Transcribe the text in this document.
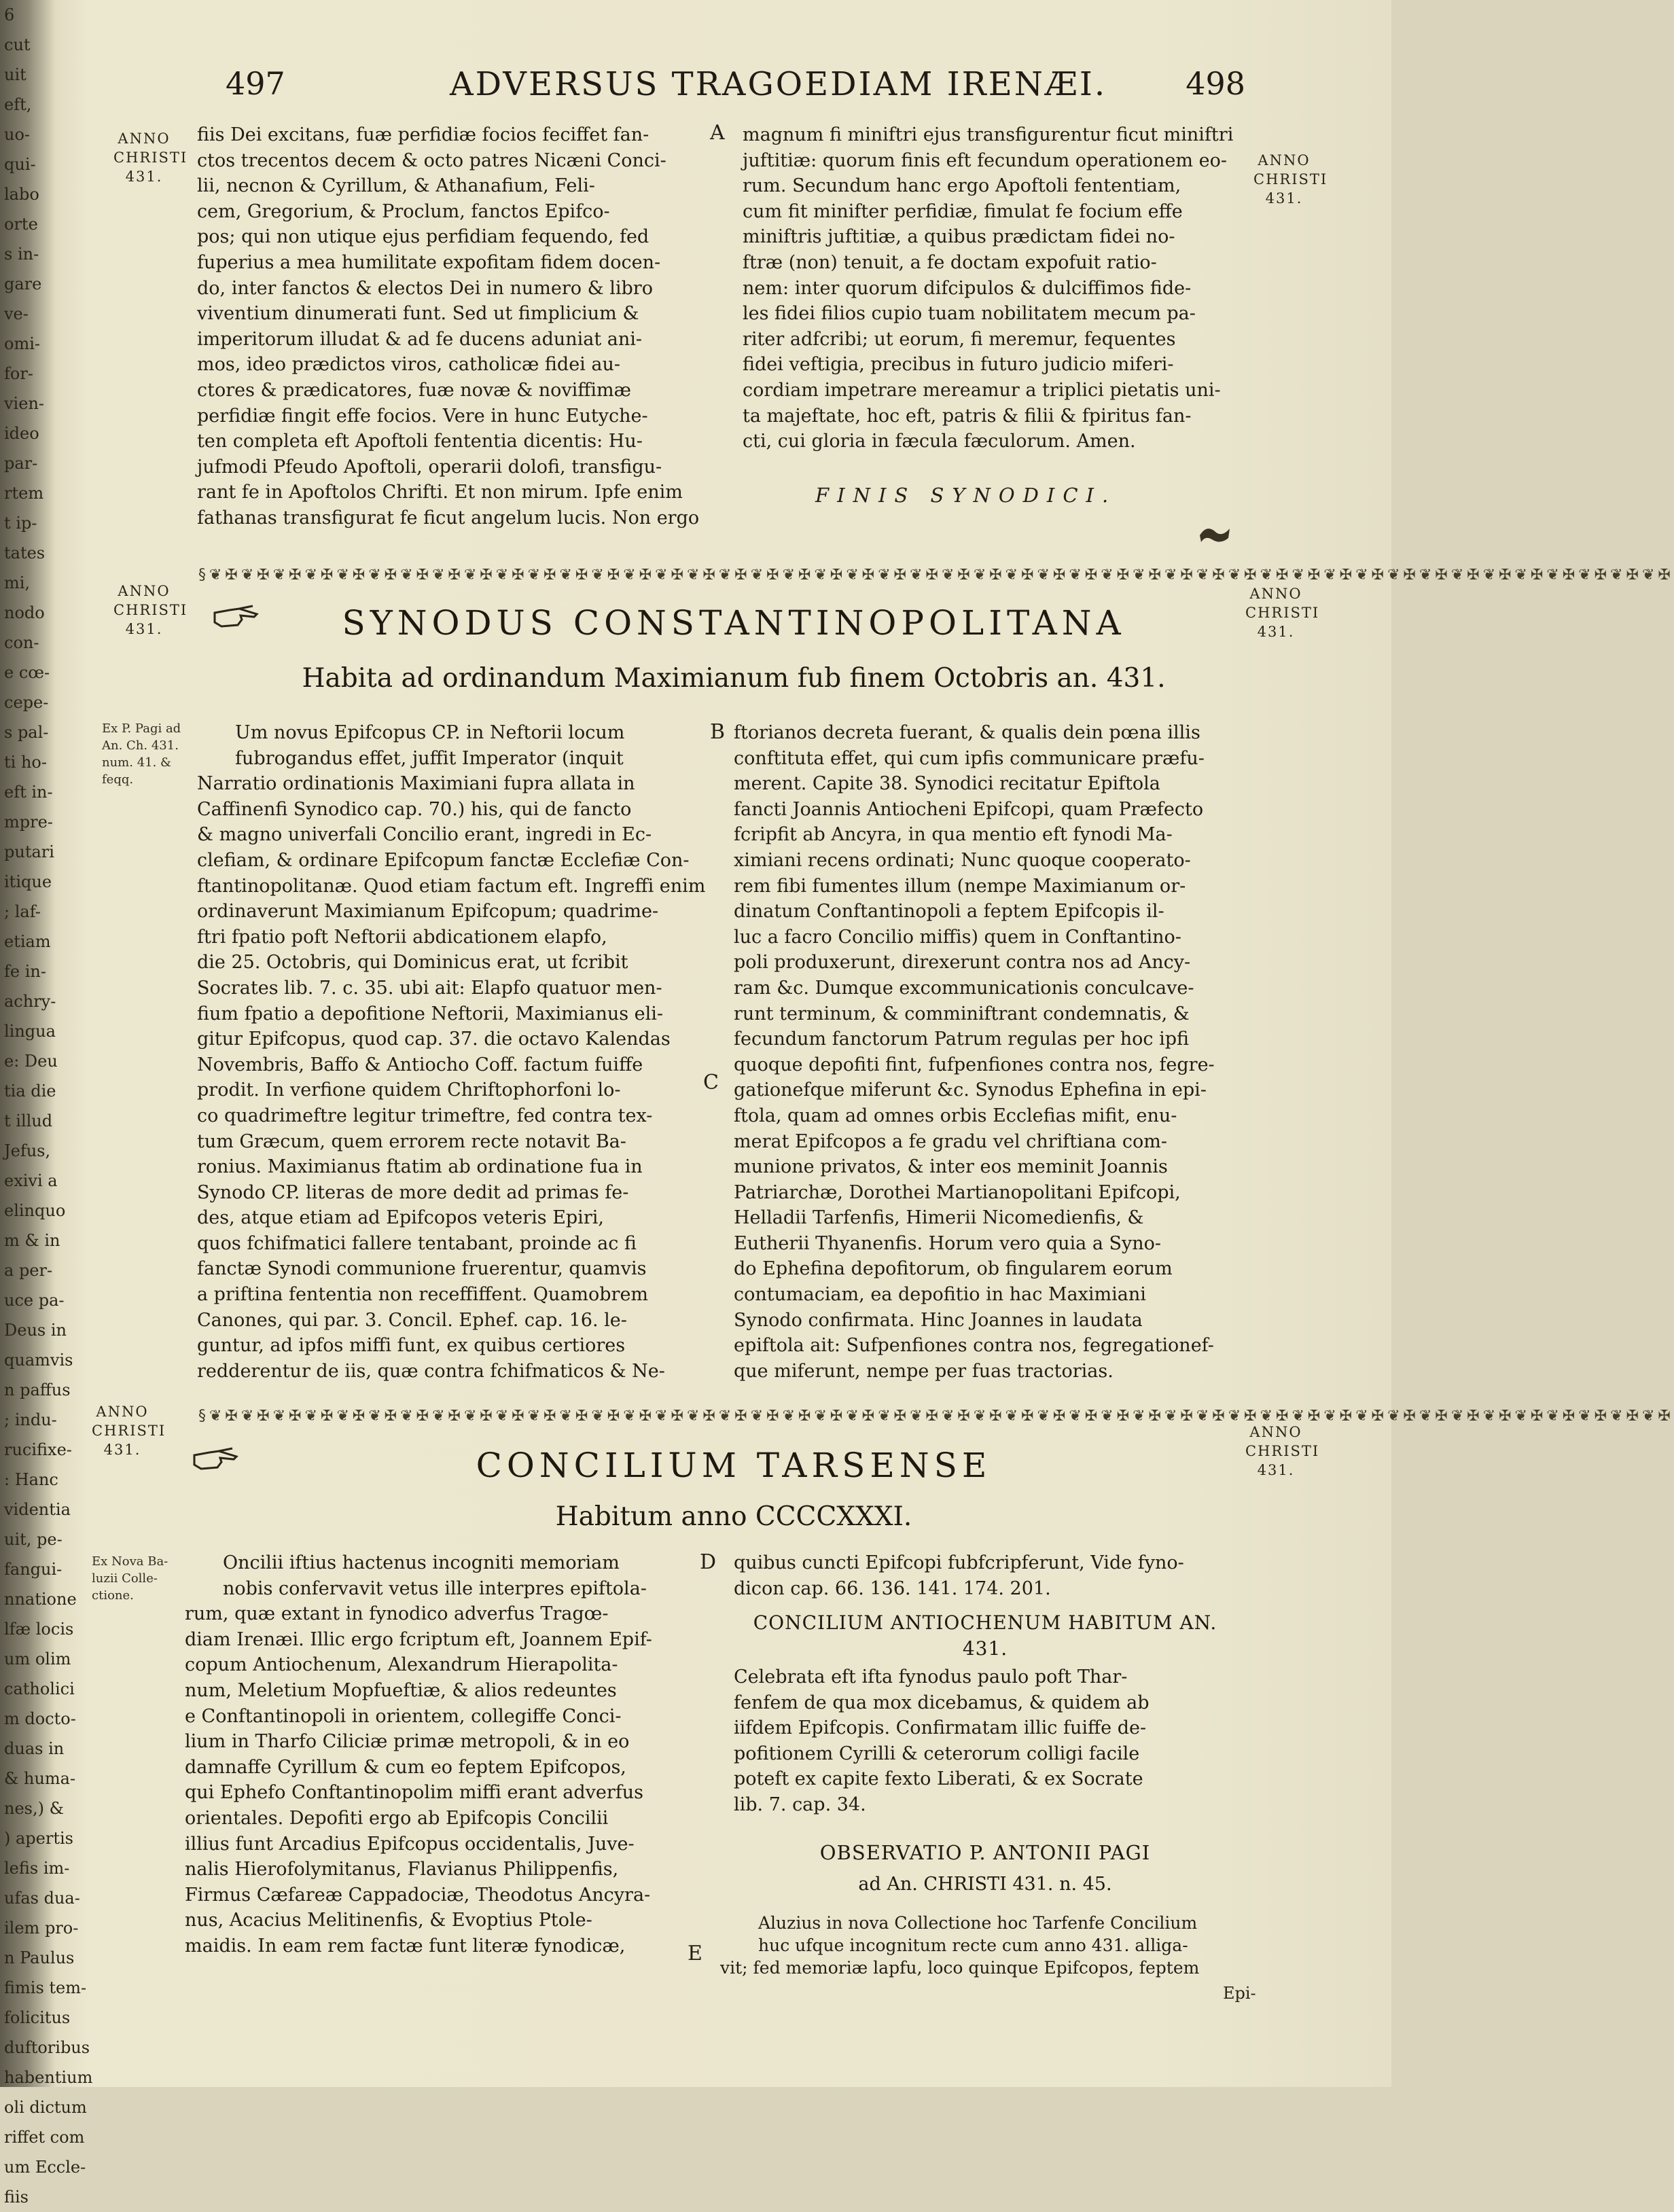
6
cut
uit
eft,
uo-
qui-
labo
orte
s in-
gare
ve-
omi-
for-
vien-
ideo
par-
rtem
t ip-
tates
mi,
nodo
con-
e cœ-
cepe-
s pal-
ti ho-
eft in-
mpre-
putari
itique
; laf-
etiam
fe in-
achry-
lingua
e: Deu
tia die
t illud
Jefus,
exivi a
elinquo
m & in
a per-
uce pa-
Deus in
quamvis
n paffus
; indu-
rucifixe-
: Hanc
videntia
uit, pe-
fangui-
nnatione
lfæ locis
um olim
catholici
m docto-
duas in
& huma-
nes,) &
) apertis
lefis im-
ufas dua-
ilem pro-
n Paulus
fimis tem-
folicitus
duftoribus
habentium
oli dictum
riffet com
um Eccle-
fiis
497	ADVERSUS TRAGOEDIAM IRENÆI.	498
ANNO
CHRISTI
431.
ANNO
CHRISTI
431.
ANNO
CHRISTI
431.
ANNO
CHRISTI
431.
ANNO
CHRISTI
431.
ANNO
CHRISTI
431.
fiis Dei excitans, fuæ perfidiæ focios feciffet fan-
ctos trecentos decem & octo patres Nicæni Conci-
lii, necnon & Cyrillum, & Athanafium, Feli-
cem, Gregorium, & Proclum, fanctos Epifco-
pos; qui non utique ejus perfidiam fequendo, fed
fuperius a mea humilitate expofitam fidem docen-
do, inter fanctos & electos Dei in numero & libro
viventium dinumerati funt. Sed ut fimplicium &
imperitorum illudat & ad fe ducens aduniat ani-
mos, ideo prædictos viros, catholicæ fidei au-
ctores & prædicatores, fuæ novæ & noviffimæ
perfidiæ fingit effe focios. Vere in hunc Eutyche-
ten completa eft Apoftoli fententia dicentis: Hu-
jufmodi Pfeudo Apoftoli, operarii dolofi, transfigu-
rant fe in Apoftolos Chrifti. Et non mirum. Ipfe enim
fathanas transfigurat fe ficut angelum lucis. Non ergo
A magnum fi miniftri ejus transfigurentur ficut miniftri
juftitiæ: quorum finis eft fecundum operationem eo-
rum. Secundum hanc ergo Apoftoli fententiam,
cum fit minifter perfidiæ, fimulat fe focium effe
miniftris juftitiæ, a quibus prædictam fidei no-
ftræ (non) tenuit, a fe doctam expofuit ratio-
nem: inter quorum difcipulos & dulciffimos fide-
les fidei filios cupio tuam nobilitatem mecum pa-
riter adfcribi; ut eorum, fi meremur, fequentes
fidei veftigia, precibus in futuro judicio miferi-
cordiam impetrare mereamur a triplici pietatis uni-
ta majeftate, hoc eft, patris & filii & fpiritus fan-
cti, cui gloria in fæcula fæculorum. Amen.
FINIS SYNODICI.
§❦✠❦✠❦✠❦✠❦✠❦✠❦✠❦✠❦✠❦✠❦✠❦✠❦✠❦✠❦✠❦✠❦✠❦✠❦✠❦✠❦✠❦✠❦✠❦✠❦✠❦✠❦✠❦✠❦✠❦✠❦✠❦✠❦✠❦✠❦✠❦✠❦✠❦✠❦✠❦✠❦✠❦✠❦✠❦✠❦✠❦✠
SYNODUS CONSTANTINOPOLITANA
Habita ad ordinandum Maximianum fub finem Octobris an. 431.
Ex P. Pagi ad
An. Ch. 431.
num. 41. &
feqq.
Um novus Epifcopus CP. in Neftorii locum
fubrogandus effet, juffit Imperator (inquit
Narratio ordinationis Maximiani fupra allata in
Caffinenfi Synodico cap. 70.) his, qui de fancto
& magno univerfali Concilio erant, ingredi in Ec-
clefiam, & ordinare Epifcopum fanctæ Ecclefiæ Con-
ftantinopolitanæ. Quod etiam factum eft. Ingreffi enim
ordinaverunt Maximianum Epifcopum; quadrime-
ftri fpatio poft Neftorii abdicationem elapfo,
die 25. Octobris, qui Dominicus erat, ut fcribit
Socrates lib. 7. c. 35. ubi ait: Elapfo quatuor men-
fium fpatio a depofitione Neftorii, Maximianus eli-
gitur Epifcopus, quod cap. 37. die octavo Kalendas
Novembris, Baffo & Antiocho Coff. factum fuiffe
prodit. In verfione quidem Chriftophorfoni lo-
co quadrimeftre legitur trimeftre, fed contra tex-
tum Græcum, quem errorem recte notavit Ba-
ronius. Maximianus ftatim ab ordinatione fua in
Synodo CP. literas de more dedit ad primas fe-
des, atque etiam ad Epifcopos veteris Epiri,
quos fchifmatici fallere tentabant, proinde ac fi
fanctæ Synodi communione fruerentur, quamvis
a priftina fententia non receffiffent. Quamobrem
Canones, qui par. 3. Concil. Ephef. cap. 16. le-
guntur, ad ipfos miffi funt, ex quibus certiores
redderentur de iis, quæ contra fchifmaticos & Ne-
B
C
ftorianos decreta fuerant, & qualis dein pœna illis
conftituta effet, qui cum ipfis communicare præfu-
merent. Capite 38. Synodici recitatur Epiftola
fancti Joannis Antiocheni Epifcopi, quam Præfecto
fcripfit ab Ancyra, in qua mentio eft fynodi Ma-
ximiani recens ordinati; Nunc quoque cooperato-
rem fibi fumentes illum (nempe Maximianum or-
dinatum Conftantinopoli a feptem Epifcopis il-
luc a facro Concilio miffis) quem in Conftantino-
poli produxerunt, direxerunt contra nos ad Ancy-
ram &c. Dumque excommunicationis conculcave-
runt terminum, & comminiftrant condemnatis, &
fecundum fanctorum Patrum regulas per hoc ipfi
quoque depofiti fint, fufpenfiones contra nos, fegre-
gationefque miferunt &c. Synodus Ephefina in epi-
ftola, quam ad omnes orbis Ecclefias mifit, enu-
merat Epifcopos a fe gradu vel chriftiana com-
munione privatos, & inter eos meminit Joannis
Patriarchæ, Dorothei Martianopolitani Epifcopi,
Helladii Tarfenfis, Himerii Nicomedienfis, &
Eutherii Thyanenfis. Horum vero quia a Syno-
do Ephefina depofitorum, ob fingularem eorum
contumaciam, ea depofitio in hac Maximiani
Synodo confirmata. Hinc Joannes in laudata
epiftola ait: Sufpenfiones contra nos, fegregationef-
que miferunt, nempe per fuas tractorias.
§❦✠❦✠❦✠❦✠❦✠❦✠❦✠❦✠❦✠❦✠❦✠❦✠❦✠❦✠❦✠❦✠❦✠❦✠❦✠❦✠❦✠❦✠❦✠❦✠❦✠❦✠❦✠❦✠❦✠❦✠❦✠❦✠❦✠❦✠❦✠❦✠❦✠❦✠❦✠❦✠❦✠❦✠❦✠❦✠❦✠❦✠
CONCILIUM TARSENSE
Habitum anno CCCCXXXI.
Ex Nova Ba-
luzii Colle-
ctione.
Oncilii iftius hactenus incogniti memoriam
nobis confervavit vetus ille interpres epiftola-
rum, quæ extant in fynodico adverfus Tragœ-
diam Irenæi. Illic ergo fcriptum eft, Joannem Epif-
copum Antiochenum, Alexandrum Hierapolita-
num, Meletium Mopfueftiæ, & alios redeuntes
e Conftantinopoli in orientem, collegiffe Conci-
lium in Tharfo Ciliciæ primæ metropoli, & in eo
damnaffe Cyrillum & cum eo feptem Epifcopos,
qui Ephefo Conftantinopolim miffi erant adverfus
orientales. Depofiti ergo ab Epifcopis Concilii
illius funt Arcadius Epifcopus occidentalis, Juve-
nalis Hierofolymitanus, Flavianus Philippenfis,
Firmus Cæfareæ Cappadociæ, Theodotus Ancyra-
nus, Acacius Melitinenfis, & Evoptius Ptole-
maidis. In eam rem factæ funt literæ fynodicæ,
D
E
quibus cuncti Epifcopi fubfcripferunt, Vide fyno-
dicon cap. 66. 136. 141. 174. 201.
CONCILIUM ANTIOCHENUM HABITUM AN. 431.
Celebrata eft ifta fynodus paulo poft Thar-
fenfem de qua mox dicebamus, & quidem ab
iifdem Epifcopis. Confirmatam illic fuiffe de-
pofitionem Cyrilli & ceterorum colligi facile
poteft ex capite fexto Liberati, & ex Socrate
lib. 7. cap. 34.
OBSERVATIO P. ANTONII PAGI
ad An. CHRISTI 431. n. 45.
Aluzius in nova Collectione hoc Tarfenfe Concilium
huc ufque incognitum recte cum anno 431. alliga-
vit; fed memoriæ lapfu, loco quinque Epifcopos, feptem
Epi-
